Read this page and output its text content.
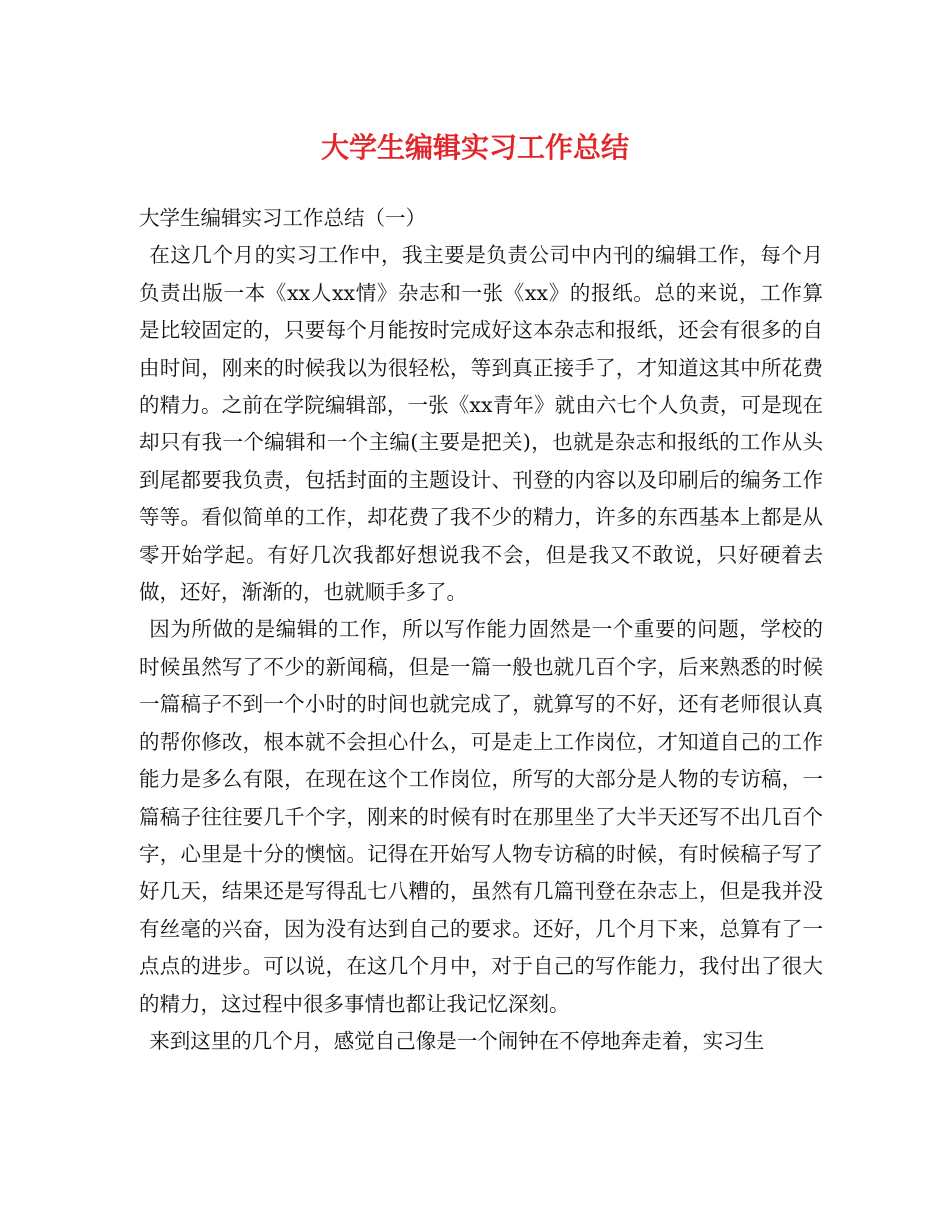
大学生编辑实习工作总结

大学生编辑实习工作总结（一）

在这几个月的实习工作中，我主要是负责公司中内刊的编辑工作，每个月负责出版一本《xx人xx情》杂志和一张《xx》的报纸。总的来说，工作算是比较固定的，只要每个月能按时完成好这本杂志和报纸，还会有很多的自由时间，刚来的时候我以为很轻松，等到真正接手了，才知道这其中所花费的精力。之前在学院编辑部，一张《xx青年》就由六七个人负责，可是现在却只有我一个编辑和一个主编(主要是把关)，也就是杂志和报纸的工作从头到尾都要我负责，包括封面的主题设计、刊登的内容以及印刷后的编务工作等等。看似简单的工作，却花费了我不少的精力，许多的东西基本上都是从零开始学起。有好几次我都好想说我不会，但是我又不敢说，只好硬着去做，还好，渐渐的，也就顺手多了。

因为所做的是编辑的工作，所以写作能力固然是一个重要的问题，学校的时候虽然写了不少的新闻稿，但是一篇一般也就几百个字，后来熟悉的时候一篇稿子不到一个小时的时间也就完成了，就算写的不好，还有老师很认真的帮你修改，根本就不会担心什么，可是走上工作岗位，才知道自己的工作能力是多么有限，在现在这个工作岗位，所写的大部分是人物的专访稿，一篇稿子往往要几千个字，刚来的时候有时在那里坐了大半天还写不出几百个字，心里是十分的懊恼。记得在开始写人物专访稿的时候，有时候稿子写了好几天，结果还是写得乱七八糟的，虽然有几篇刊登在杂志上，但是我并没有丝毫的兴奋，因为没有达到自己的要求。还好，几个月下来，总算有了一点点的进步。可以说，在这几个月中，对于自己的写作能力，我付出了很大的精力，这过程中很多事情也都让我记忆深刻。

来到这里的几个月，感觉自己像是一个闹钟在不停地奔走着，实习生
